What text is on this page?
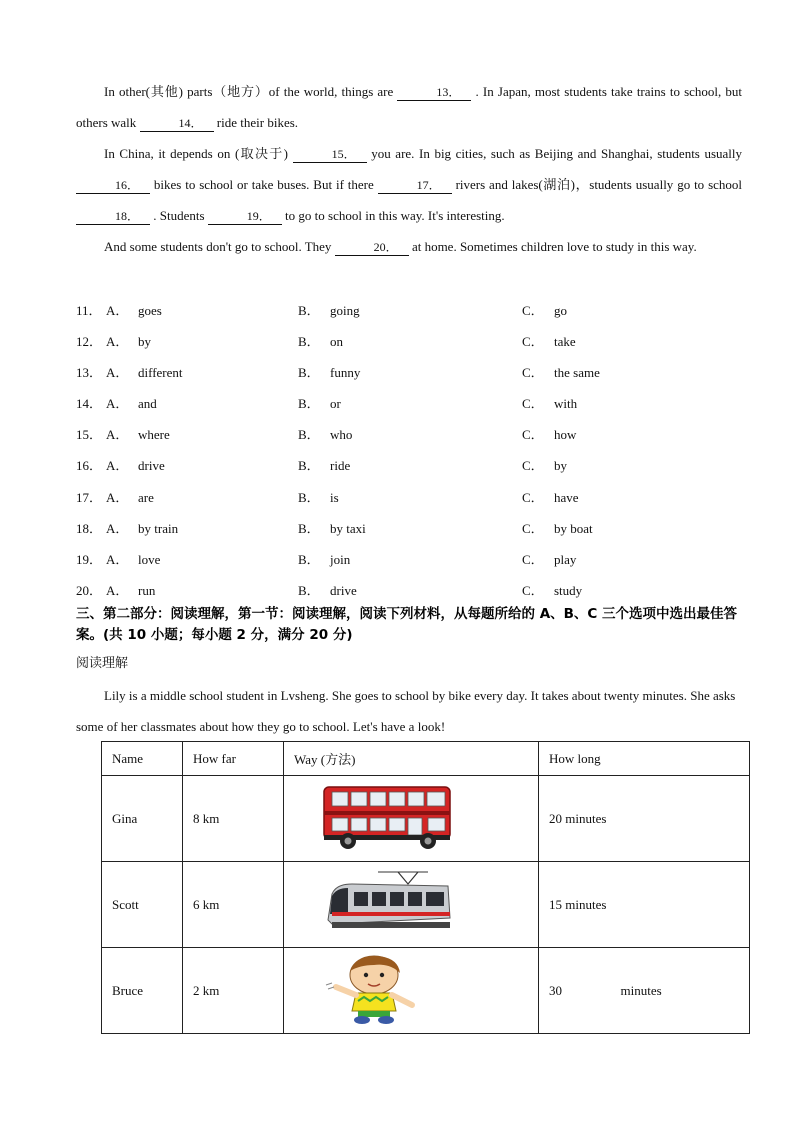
In other(其他) parts（地方）of the world, things are	13． . In Japan, most students take trains to school, but others walk	14． ride their bikes.

In China, it depends on (取决于)	15． you are. In big cities, such as Beijing and Shanghai, students usually 16． bikes to school or take buses. But if there	17． rivers and lakes(湖泊)，students usually go to school 18． . Students	19． to go to school in this way. It's interesting.

And some students don't go to school. They	20． at home. Sometimes children love to study in this way.

11． A． goes	B． going	C． go
12． A． by	B． on	C． take
13． A． different	B． funny	C． the same
14． A． and	B． or	C． with
15． A． where	B． who	C． how
16． A． drive	B． ride	C． by
17． A． are	B． is	C． have
18． A． by train	B． by taxi	C． by boat
19． A． love	B． join	C． play
20． A． run	B． drive	C． study
三、第二部分：阅读理解，第一节：阅读理解，阅读下列材料，从每题所给的 A、B、C 三个选项中选出最佳答案。(共 10 小题；每小题 2 分，满分 20 分)
阅读理解

Lily is a middle school student in Lvsheng. She goes to school by bike every day. It takes about twenty minutes. She asks some of her classmates about how they go to school. Let's have a look!

Name	How far	Way (方法)	How long
Gina	8 km		20 minutes
Scott	6 km		15 minutes
Bruce	2 km		30 minutes
